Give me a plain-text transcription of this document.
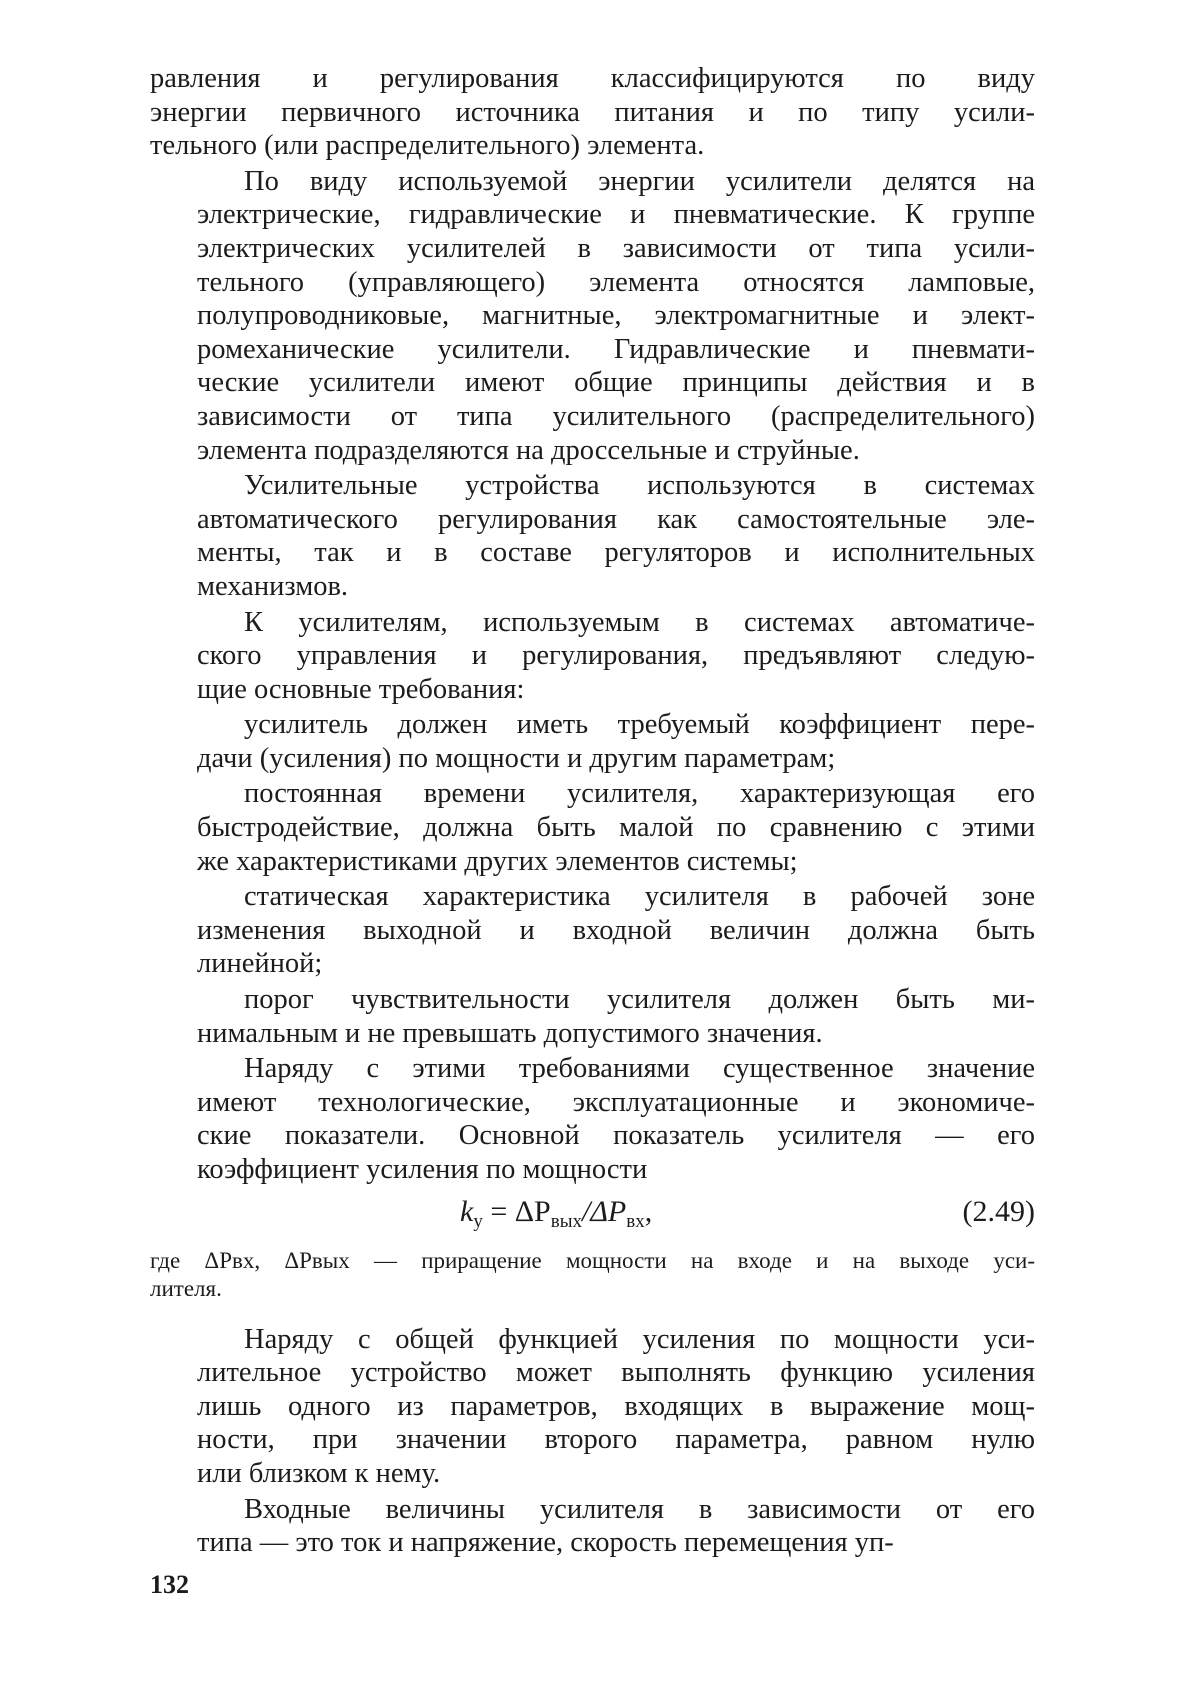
равления и регулирования классифицируются по виду
энергии первичного источника питания и по типу усили-
тельного (или распределительного) элемента.
По виду используемой энергии усилители делятся на
электрические, гидравлические и пневматические. К группе
электрических усилителей в зависимости от типа усили-
тельного (управляющего) элемента относятся ламповые,
полупроводниковые, магнитные, электромагнитные и элект-
ромеханические усилители. Гидравлические и пневмати-
ческие усилители имеют общие принципы действия и в
зависимости от типа усилительного (распределительного)
элемента подразделяются на дроссельные и струйные.
Усилительные устройства используются в системах
автоматического регулирования как самостоятельные эле-
менты, так и в составе регуляторов и исполнительных
механизмов.
К усилителям, используемым в системах автоматиче-
ского управления и регулирования, предъявляют следую-
щие основные требования:
усилитель должен иметь требуемый коэффициент пере-
дачи (усиления) по мощности и другим параметрам;
постоянная времени усилителя, характеризующая его
быстродействие, должна быть малой по сравнению с этими
же характеристиками других элементов системы;
статическая характеристика усилителя в рабочей зоне
изменения выходной и входной величин должна быть
линейной;
порог чувствительности усилителя должен быть ми-
нимальным и не превышать допустимого значения.
Наряду с этими требованиями существенное значение
имеют технологические, эксплуатационные и экономиче-
ские показатели. Основной показатель усилителя — его
коэффициент усиления по мощности
$k_у = \Delta P_{вых}/\Delta P_{вх}$,	(2.49)
где ΔPвх, ΔPвых — приращение мощности на входе и на выходе уси-
лителя.
Наряду с общей функцией усиления по мощности уси-
лительное устройство может выполнять функцию усиления
лишь одного из параметров, входящих в выражение мощ-
ности, при значении второго параметра, равном нулю
или близком к нему.
Входные величины усилителя в зависимости от его
типа — это ток и напряжение, скорость перемещения уп-
132
